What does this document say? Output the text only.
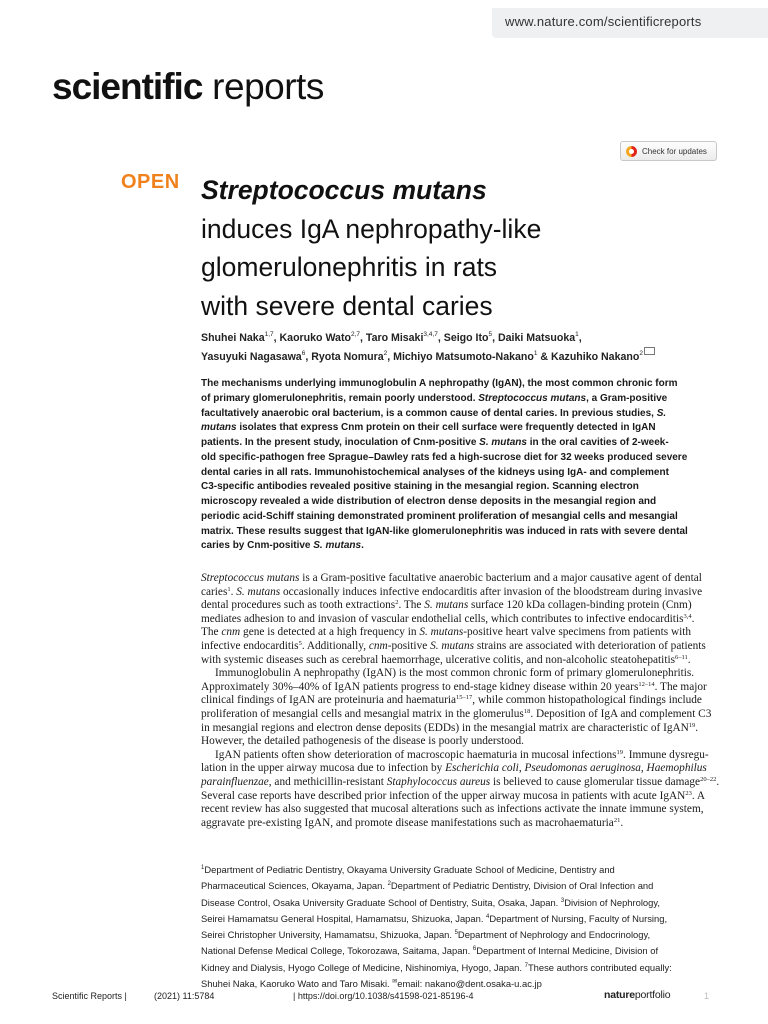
www.nature.com/scientificreports
scientific reports
Check for updates
OPEN Streptococcus mutans
induces IgA nephropathy-like
glomerulonephritis in rats
with severe dental caries
Shuhei Naka$^{1,7}$, Kaoruko Wato$^{2,7}$, Taro Misaki$^{3,4,7}$, Seigo Ito$^5$, Daiki Matsuoka$^1$,
Yasuyuki Nagasawa$^6$, Ryota Nomura$^2$, Michiyo Matsumoto-Nakano$^1$ & Kazuhiko Nakano$^2$
The mechanisms underlying immunoglobulin A nephropathy (IgAN), the most common chronic form
of primary glomerulonephritis, remain poorly understood. Streptococcus mutans, a Gram-positive
facultatively anaerobic oral bacterium, is a common cause of dental caries. In previous studies, S.
mutans isolates that express Cnm protein on their cell surface were frequently detected in IgAN
patients. In the present study, inoculation of Cnm-positive S. mutans in the oral cavities of 2-week-
old specific-pathogen free Sprague–Dawley rats fed a high-sucrose diet for 32 weeks produced severe
dental caries in all rats. Immunohistochemical analyses of the kidneys using IgA- and complement
C3-specific antibodies revealed positive staining in the mesangial region. Scanning electron
microscopy revealed a wide distribution of electron dense deposits in the mesangial region and
periodic acid-Schiff staining demonstrated prominent proliferation of mesangial cells and mesangial
matrix. These results suggest that IgAN-like glomerulonephritis was induced in rats with severe dental
caries by Cnm-positive S. mutans.
Streptococcus mutans is a Gram-positive facultative anaerobic bacterium and a major causative agent of dental
caries$^1$. S. mutans occasionally induces infective endocarditis after invasion of the bloodstream during invasive
dental procedures such as tooth extractions$^2$. The S. mutans surface 120 kDa collagen-binding protein (Cnm)
mediates adhesion to and invasion of vascular endothelial cells, which contributes to infective endocarditis$^{3,4}$.
The cnm gene is detected at a high frequency in S. mutans-positive heart valve specimens from patients with
infective endocarditis$^5$. Additionally, cnm-positive S. mutans strains are associated with deterioration of patients
with systemic diseases such as cerebral haemorrhage, ulcerative colitis, and non-alcoholic steatohepatitis$^{6-11}$.
Immunoglobulin A nephropathy (IgAN) is the most common chronic form of primary glomerulonephritis.
Approximately 30%–40% of IgAN patients progress to end-stage kidney disease within 20 years$^{12-14}$. The major
clinical findings of IgAN are proteinuria and haematuria$^{15-17}$, while common histopathological findings include
proliferation of mesangial cells and mesangial matrix in the glomerulus$^{18}$. Deposition of IgA and complement C3
in mesangial regions and electron dense deposits (EDDs) in the mesangial matrix are characteristic of IgAN$^{19}$.
However, the detailed pathogenesis of the disease is poorly understood.
IgAN patients often show deterioration of macroscopic haematuria in mucosal infections$^{19}$. Immune dysregu-
lation in the upper airway mucosa due to infection by Escherichia coli, Pseudomonas aeruginosa, Haemophilus
parainfluenzae, and methicillin-resistant Staphylococcus aureus is believed to cause glomerular tissue damage$^{20-22}$.
Several case reports have described prior infection of the upper airway mucosa in patients with acute IgAN$^{23}$. A
recent review has also suggested that mucosal alterations such as infections activate the innate immune system,
aggravate pre-existing IgAN, and promote disease manifestations such as macrohaematuria$^{21}$.
$^1$Department of Pediatric Dentistry, Okayama University Graduate School of Medicine, Dentistry and
Pharmaceutical Sciences, Okayama, Japan. $^2$Department of Pediatric Dentistry, Division of Oral Infection and
Disease Control, Osaka University Graduate School of Dentistry, Suita, Osaka, Japan. $^3$Division of Nephrology,
Seirei Hamamatsu General Hospital, Hamamatsu, Shizuoka, Japan. $^4$Department of Nursing, Faculty of Nursing,
Seirei Christopher University, Hamamatsu, Shizuoka, Japan. $^5$Department of Nephrology and Endocrinology,
National Defense Medical College, Tokorozawa, Saitama, Japan. $^6$Department of Internal Medicine, Division of
Kidney and Dialysis, Hyogo College of Medicine, Nishinomiya, Hyogo, Japan. $^7$These authors contributed equally:
Shuhei Naka, Kaoruko Wato and Taro Misaki. ✉email: nakano@dent.osaka-u.ac.jp
Scientific Reports |	(2021) 11:5784	| https://doi.org/10.1038/s41598-021-85196-4	natureportfolio	1
